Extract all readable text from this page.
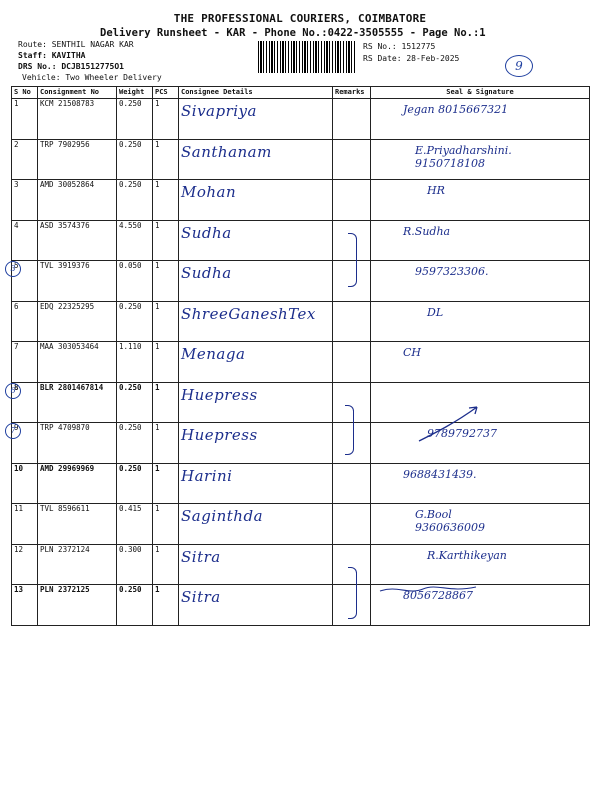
THE PROFESSIONAL COURIERS, COIMBATORE
Delivery Runsheet - KAR - Phone No.:0422-3505555 - Page No.:1
Route: SENTHIL NAGAR KAR
Staff: KAVITHA
DRS No.: DCJB1512775O1
Vehicle: Two Wheeler Delivery
RS No.: 1512775
RS Date: 28-Feb-2025
9
S No	Consignment No	Weight	PCS	Consignee Details	Remarks	Seal & Signature
1	KCM 21508783	0.250	1	Sivapriya		Jegan 8015667321

2	TRP 7902956	0.250	1	Santhanam		E.Priyadharshini.
9150718108

3	AMD 30052864	0.250	1	Mohan		HR

4	ASD 3574376	4.550	1	Sudha		R.Sudha

5	TVL 3919376	0.050	1	Sudha		9597323306.

6	EDQ 22325295	0.250	1	ShreeGaneshTex		DL

7	MAA 303053464	1.110	1	Menaga		CH

8	BLR 2801467814	0.250	1	Huepress		

9	TRP 4709870	0.250	1	Huepress		9789792737

10	AMD 29969969	0.250	1	Harini		9688431439.

11	TVL 8596611	0.415	1	Saginthda		G.Bool
9360636009

12	PLN 2372124	0.300	1	Sitra		R.Karthikeyan

13	PLN 2372125	0.250	1	Sitra		8056728867
3
6
7
